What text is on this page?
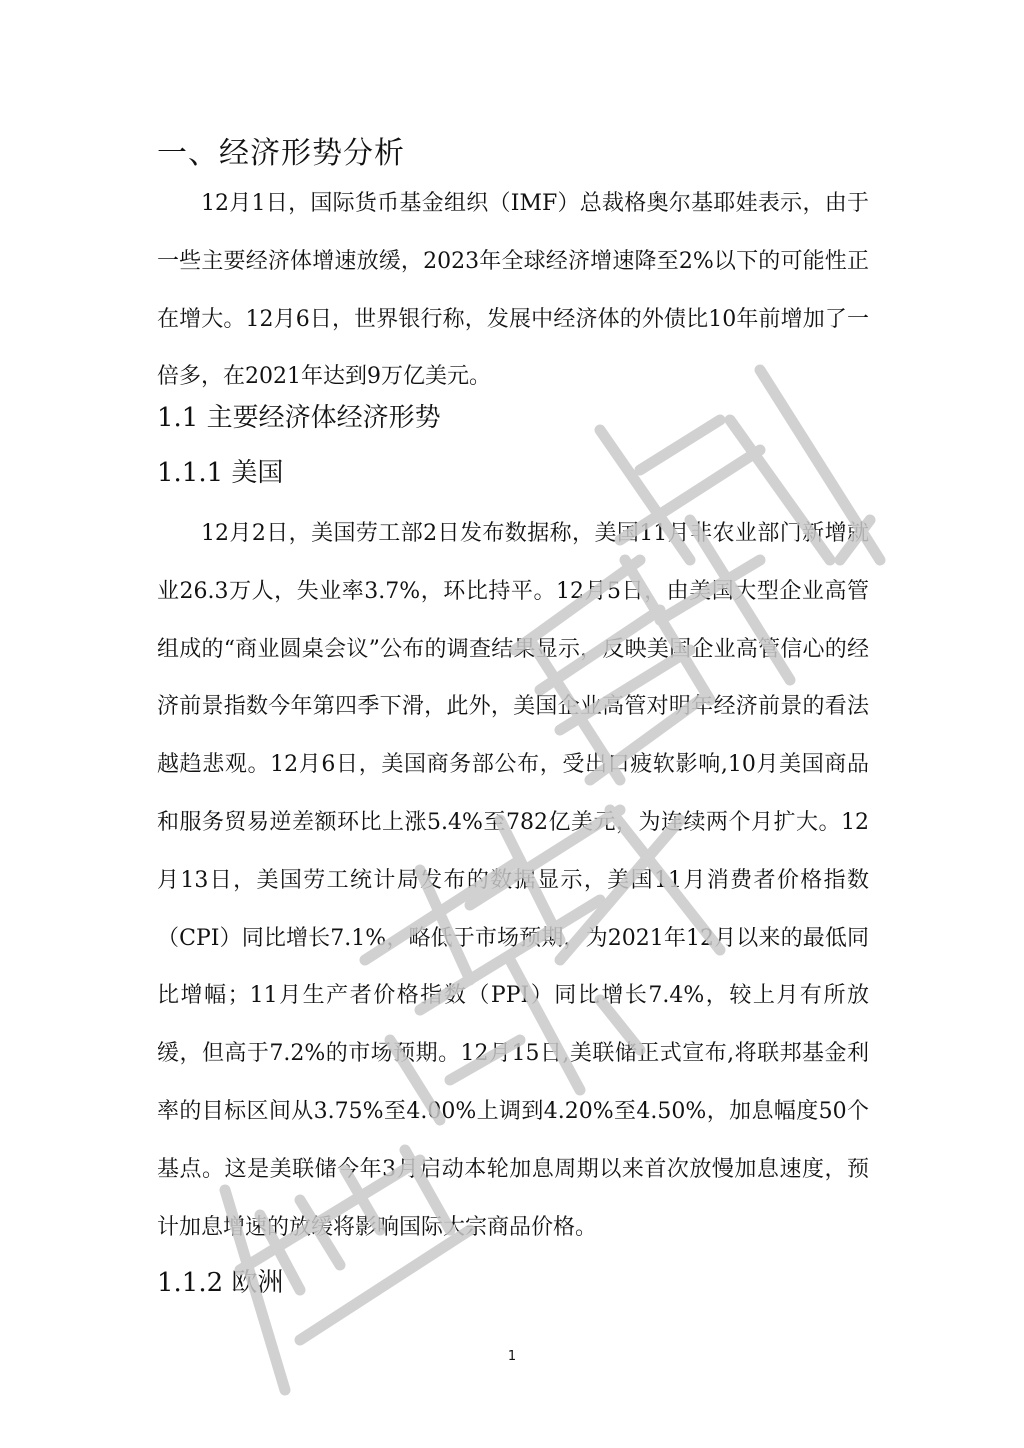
一、经济形势分析

12月1日，国际货币基金组织（IMF）总裁格奥尔基耶娃表示，由于一些主要经济体增速放缓，2023年全球经济增速降至2%以下的可能性正在增大。12月6日，世界银行称，发展中经济体的外债比10年前增加了一倍多，在2021年达到9万亿美元。

1.1 主要经济体经济形势
1.1.1 美国

12月2日，美国劳工部2日发布数据称，美国11月非农业部门新增就业26.3万人，失业率3.7%，环比持平。12月5日，由美国大型企业高管组成的“商业圆桌会议”公布的调查结果显示，反映美国企业高管信心的经济前景指数今年第四季下滑，此外，美国企业高管对明年经济前景的看法越趋悲观。12月6日，美国商务部公布，受出口疲软影响,10月美国商品和服务贸易逆差额环比上涨5.4%至782亿美元，为连续两个月扩大。12月13日，美国劳工统计局发布的数据显示，美国11月消费者价格指数（CPI）同比增长7.1%，略低于市场预期，为2021年12月以来的最低同比增幅；11月生产者价格指数（PPI）同比增长7.4%，较上月有所放缓，但高于7.2%的市场预期。12月15日,美联储正式宣布,将联邦基金利率的目标区间从3.75%至4.00%上调到4.20%至4.50%，加息幅度50个基点。这是美联储今年3月启动本轮加息周期以来首次放慢加息速度，预计加息增速的放缓将影响国际大宗商品价格。

1.1.2 欧洲
1
